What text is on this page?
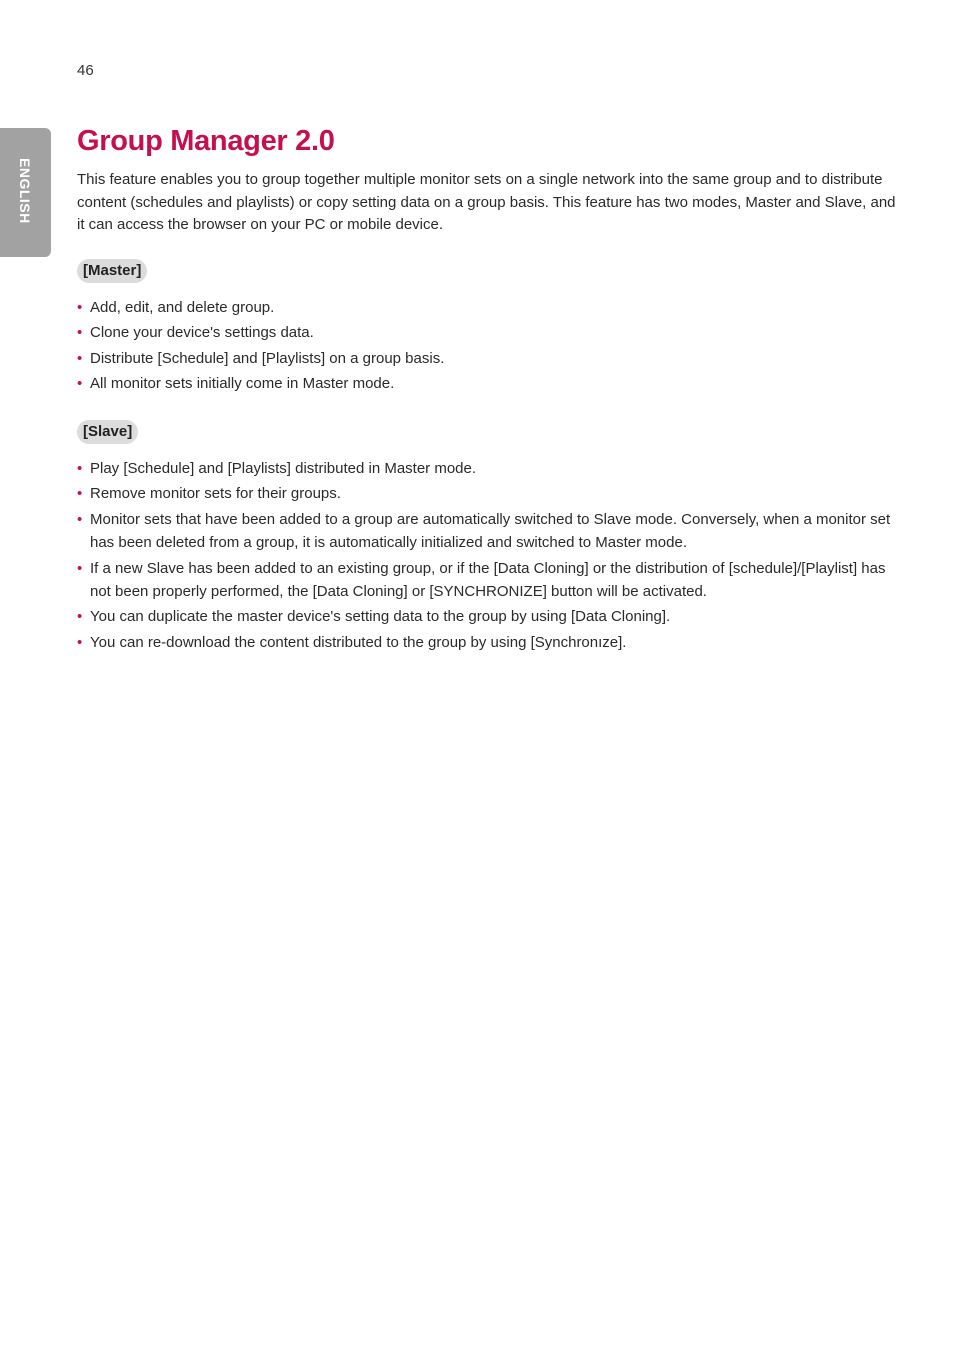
46
ENGLISH
Group Manager 2.0

This feature enables you to group together multiple monitor sets on a single network into the same group and to distribute content (schedules and playlists) or copy setting data on a group basis. This feature has two modes, Master and Slave, and it can access the browser on your PC or mobile device.

[Master]
• Add, edit, and delete group.
• Clone your device's settings data.
• Distribute [Schedule] and [Playlists] on a group basis.
• All monitor sets initially come in Master mode.
[Slave]
• Play [Schedule] and [Playlists] distributed in Master mode.
• Remove monitor sets for their groups.
• Monitor sets that have been added to a group are automatically switched to Slave mode. Conversely, when a monitor set has been deleted from a group, it is automatically initialized and switched to Master mode.
• If a new Slave has been added to an existing group, or if the [Data Cloning] or the distribution of [schedule]/[Playlist] has not been properly performed, the [Data Cloning] or [SYNCHRONIZE] button will be activated.
• You can duplicate the master device's setting data to the group by using [Data Cloning].
• You can re-download the content distributed to the group by using [Synchronıze].
